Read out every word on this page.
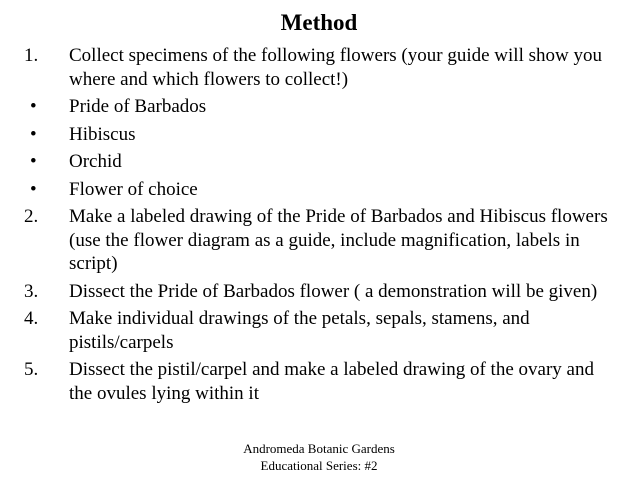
Method
1. Collect specimens of the following flowers (your guide will show you where and which flowers to collect!)
• Pride of Barbados
• Hibiscus
• Orchid
• Flower of choice
2. Make a labeled drawing of the Pride of Barbados and Hibiscus flowers (use the flower diagram as a guide, include magnification, labels in script)
3. Dissect the Pride of Barbados flower ( a demonstration will be given)
4. Make individual drawings of the petals, sepals, stamens, and pistils/carpels
5. Dissect the pistil/carpel and make a labeled drawing of the ovary and the ovules lying within it
Andromeda Botanic Gardens
Educational Series: #2
